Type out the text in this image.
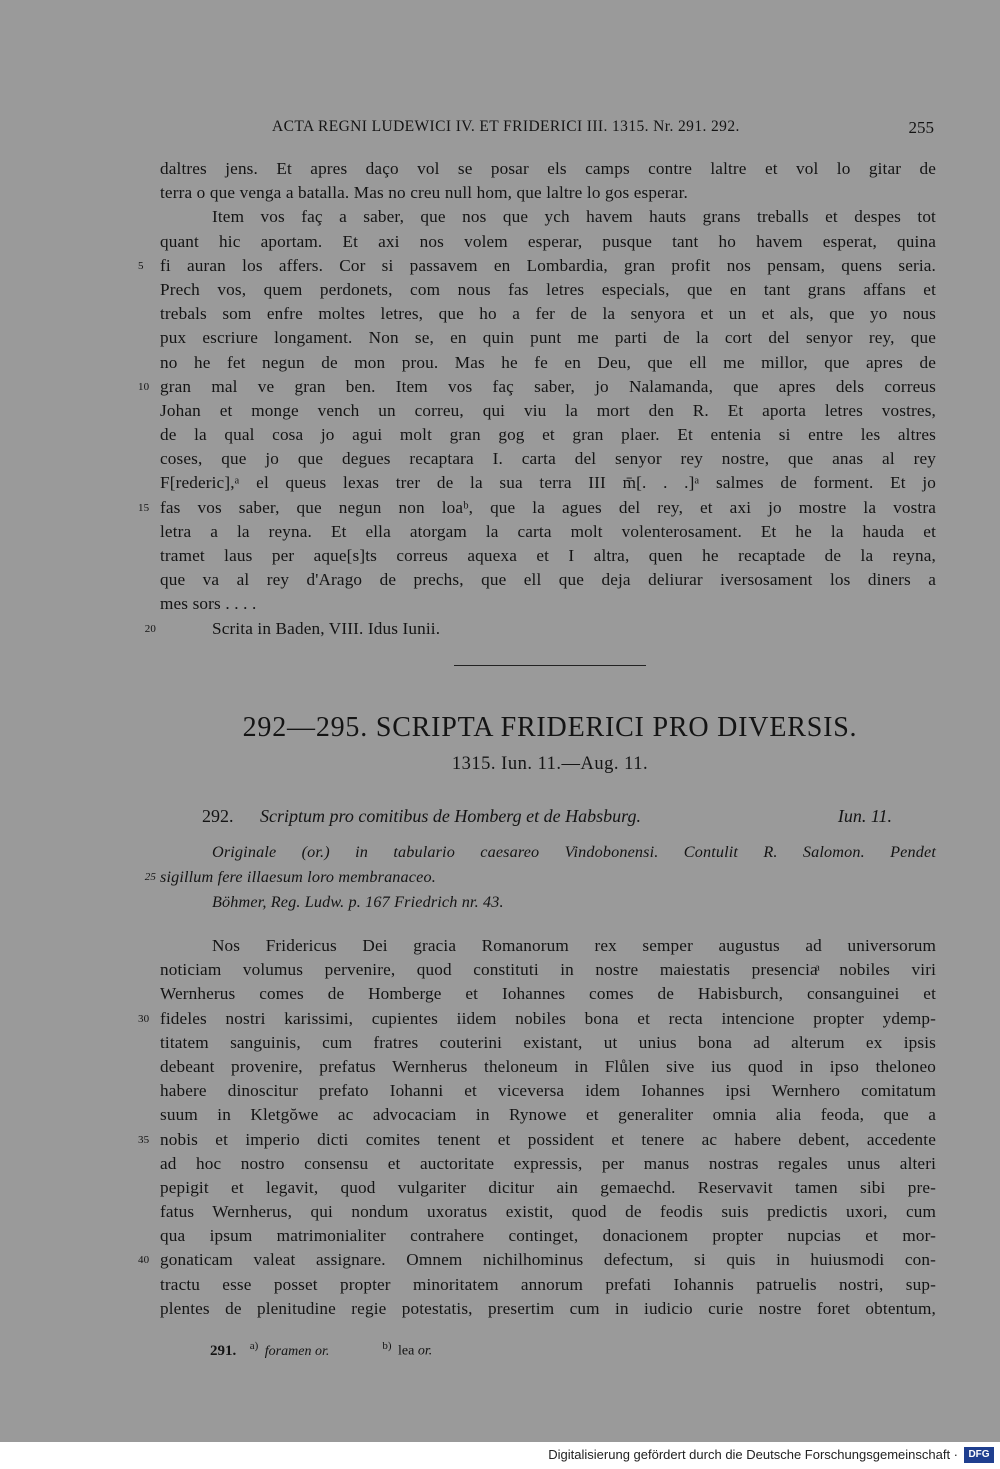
ACTA REGNI LUDEWICI IV. ET FRIDERICI III. 1315. Nr. 291. 292.	255
daltres jens. Et apres daço vol se posar els camps contre laltre et vol lo gitar de
terra o que venga a batalla. Mas no creu null hom, que laltre lo gos esperar.
Item vos faç a saber, que nos que ych havem hauts grans treballs et despes tot
quant hic aportam. Et axi nos volem esperar, pusque tant ho havem esperat, quina
5 fi auran los affers. Cor si passavem en Lombardia, gran profit nos pensam, quens seria.
Prech vos, quem perdonets, com nous fas letres especials, que en tant grans affans et
trebals som enfre moltes letres, que ho a fer de la senyora et un et als, que yo nous
pux escriure longament. Non se, en quin punt me parti de la cort del senyor rey, que
no he fet negun de mon prou. Mas he fe en Deu, que ell me millor, que apres de
10 gran mal ve gran ben. Item vos faç saber, jo Nalamanda, que apres dels correus
Johan et monge vench un correu, qui viu la mort den R. Et aporta letres vostres,
de la qual cosa jo agui molt gran gog et gran plaer. Et entenia si entre les altres
coses, que jo que degues recaptara I. carta del senyor rey nostre, que anas al rey
F[rederic],ᵃ el queus lexas trer de la sua terra III m̄[. . .]ᵃ salmes de forment. Et jo
15 fas vos saber, que negun non loaᵇ, que la agues del rey, et axi jo mostre la vostra
letra a la reyna. Et ella atorgam la carta molt volenterosament. Et he la hauda et
tramet laus per aque[s]ts correus aquexa et I altra, quen he recaptade de la reyna,
que va al rey d'Arago de prechs, que ell que deja deliurar iversosament los diners a
mes sors . . . .
20	Scrita in Baden, VIII. Idus Iunii.
292—295. SCRIPTA FRIDERICI PRO DIVERSIS.
1315. Iun. 11.—Aug. 11.
292. Scriptum pro comitibus de Homberg et de Habsburg.	Iun. 11.
Originale (or.) in tabulario caesareo Vindobonensi. Contulit R. Salomon. Pendet
25 sigillum fere illaesum loro membranaceo.
Böhmer, Reg. Ludw. p. 167 Friedrich nr. 43.
Nos Fridericus Dei gracia Romanorum rex semper augustus ad universorum
noticiam volumus pervenire, quod constituti in nostre maiestatis presenciaͣ nobiles viri
Wernherus comes de Homberge et Iohannes comes de Habisburch, consanguinei et
30 fideles nostri karissimi, cupientes iidem nobiles bona et recta intencione propter ydemp-
titatem sanguinis, cum fratres couterini existant, ut unius bona ad alterum ex ipsis
debeant provenire, prefatus Wernherus theloneum in Flůlen sive ius quod in ipso theloneo
habere dinoscitur prefato Iohanni et viceversa idem Iohannes ipsi Wernhero comitatum
suum in Kletgŏwe ac advocaciam in Rynowe et generaliter omnia alia feoda, que a
35 nobis et imperio dicti comites tenent et possident et tenere ac habere debent, accedente
ad hoc nostro consensu et auctoritate expressis, per manus nostras regales unus alteri
pepigit et legavit, quod vulgariter dicitur ain gemaechd. Reservavit tamen sibi pre-
fatus Wernherus, qui nondum uxoratus existit, quod de feodis suis predictis uxori, cum
qua ipsum matrimonialiter contrahere continget, donacionem propter nupcias et mor-
40 gonaticam valeat assignare. Omnem nichilhominus defectum, si quis in huiusmodi con-
tractu esse posset propter minoritatem annorum prefati Iohannis patruelis nostri, sup-
plentes de plenitudine regie potestatis, presertim cum in iudicio curie nostre foret obtentum,
291. $^{a)}$ foramen or.	$^{b)}$ lea or.
Digitalisierung gefördert durch die Deutsche Forschungsgemeinschaft ·	DFG
